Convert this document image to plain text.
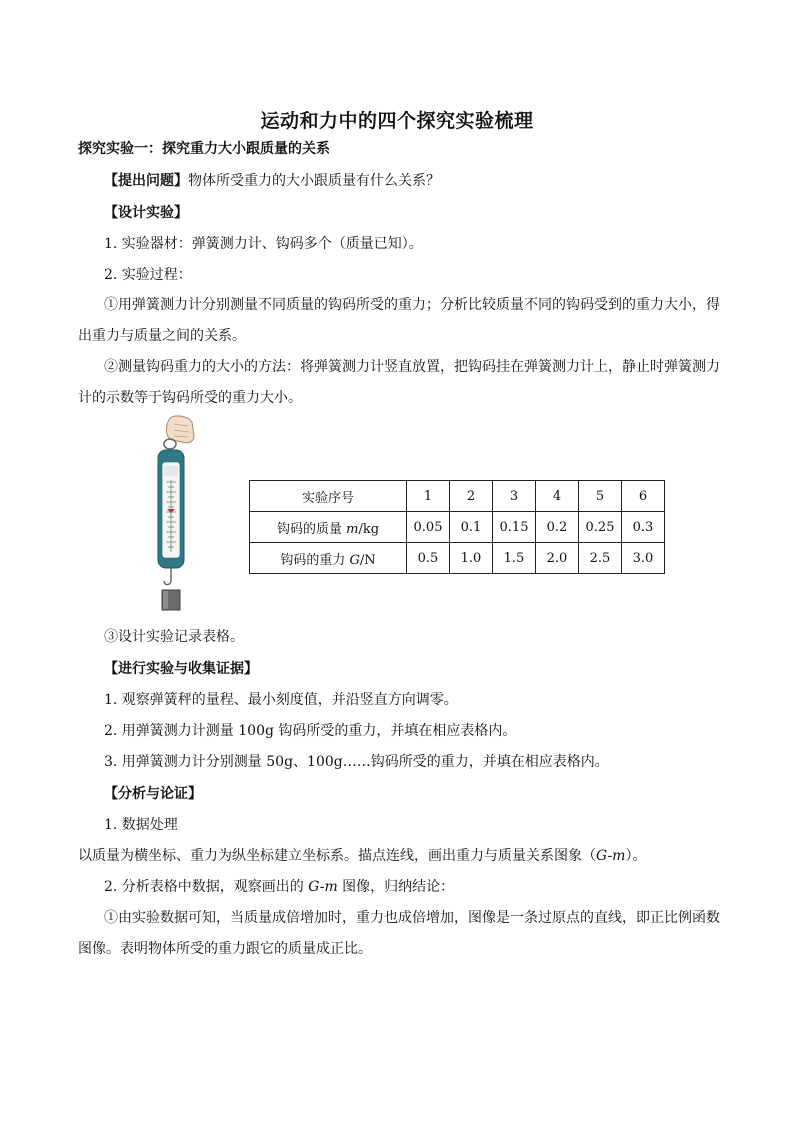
运动和力中的四个探究实验梳理
探究实验一：探究重力大小跟质量的关系
【提出问题】物体所受重力的大小跟质量有什么关系？
【设计实验】
1. 实验器材：弹簧测力计、钩码多个（质量已知）。
2. 实验过程：
①用弹簧测力计分别测量不同质量的钩码所受的重力；分析比较质量不同的钩码受到的重力大小，得出重力与质量之间的关系。
②测量钩码重力的大小的方法：将弹簧测力计竖直放置，把钩码挂在弹簧测力计上，静止时弹簧测力计的示数等于钩码所受的重力大小。
实验序号	1	2	3	4	5	6
钩码的质量 m/kg	0.05	0.1	0.15	0.2	0.25	0.3
钩码的重力 G/N	0.5	1.0	1.5	2.0	2.5	3.0
③设计实验记录表格。
【进行实验与收集证据】
1. 观察弹簧秤的量程、最小刻度值，并沿竖直方向调零。
2. 用弹簧测力计测量 100g 钩码所受的重力，并填在相应表格内。
3. 用弹簧测力计分别测量 50g、100g……钩码所受的重力，并填在相应表格内。
【分析与论证】
1. 数据处理
以质量为横坐标、重力为纵坐标建立坐标系。描点连线，画出重力与质量关系图象（G-m）。
2. 分析表格中数据，观察画出的 G-m 图像，归纳结论：
①由实验数据可知，当质量成倍增加时，重力也成倍增加，图像是一条过原点的直线，即正比例函数图像。表明物体所受的重力跟它的质量成正比。
